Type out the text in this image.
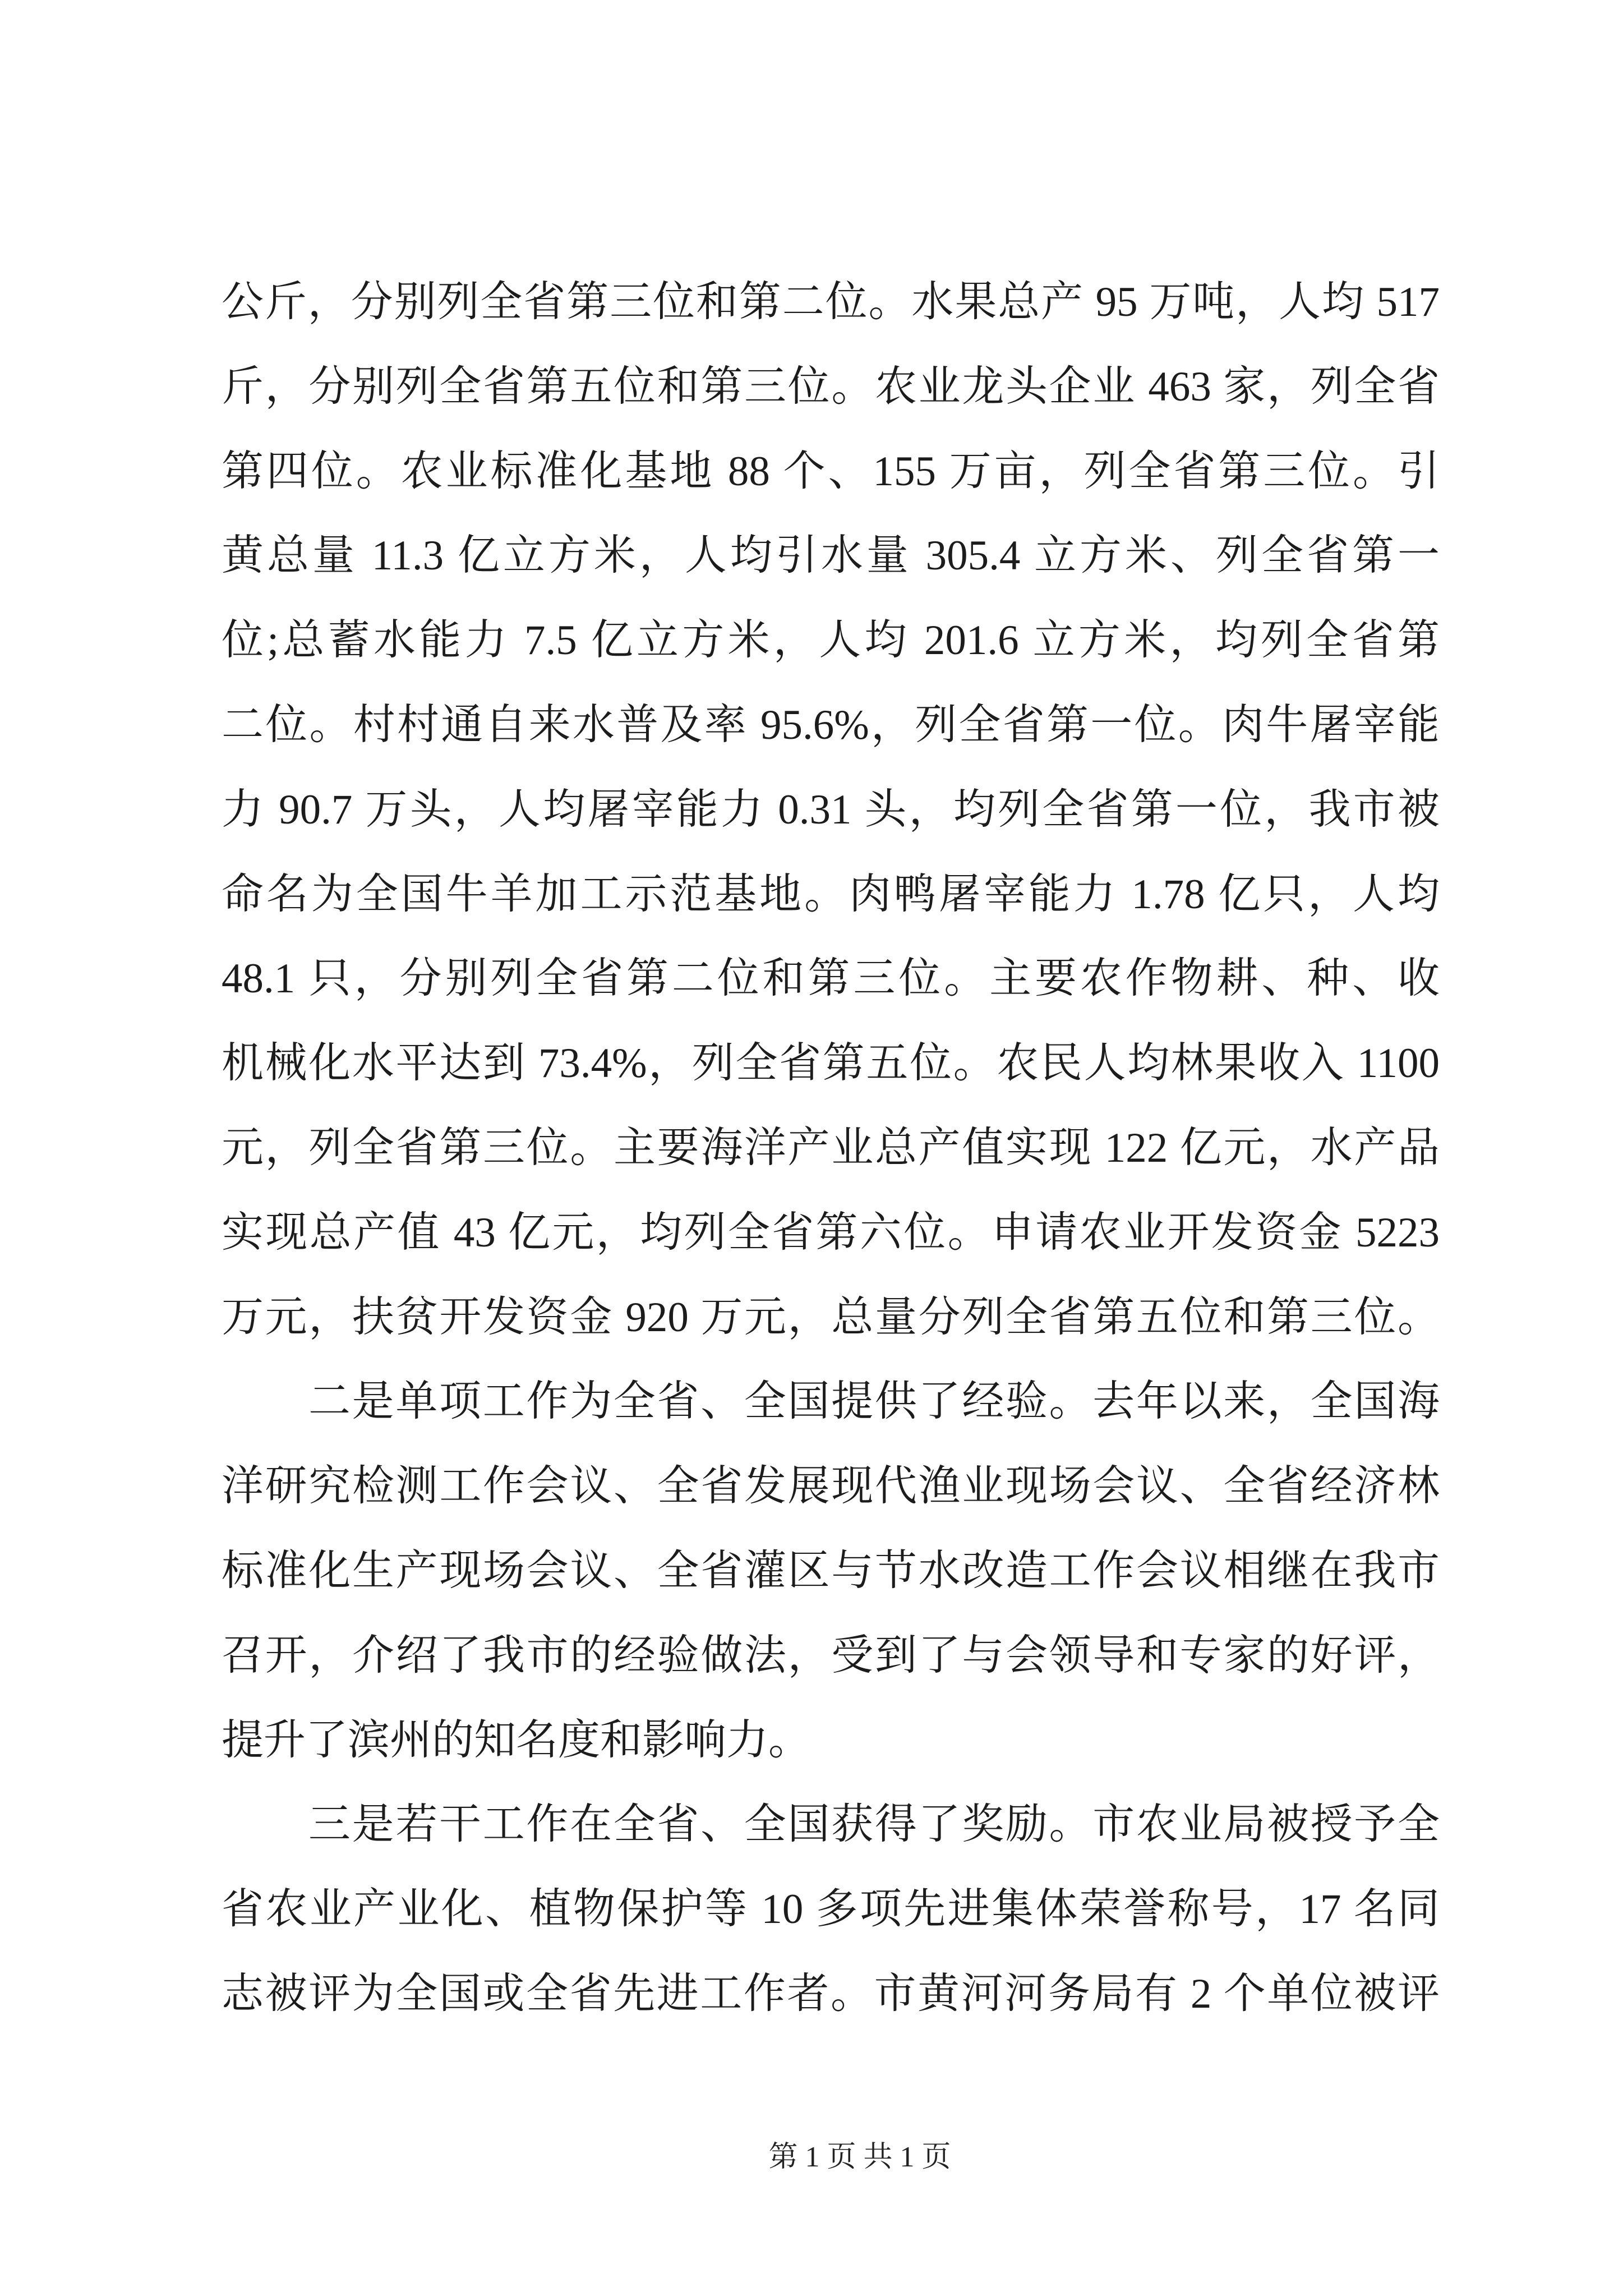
公斤，分别列全省第三位和第二位。水果总产 95 万吨，人均 517
斤，分别列全省第五位和第三位。农业龙头企业 463 家，列全省
第四位。农业标准化基地 88 个、155 万亩，列全省第三位。引
黄总量 11.3 亿立方米，人均引水量 305.4 立方米、列全省第一
位;总蓄水能力 7.5 亿立方米，人均 201.6 立方米，均列全省第
二位。村村通自来水普及率 95.6%，列全省第一位。肉牛屠宰能
力 90.7 万头，人均屠宰能力 0.31 头，均列全省第一位，我市被
命名为全国牛羊加工示范基地。肉鸭屠宰能力 1.78 亿只，人均
48.1 只，分别列全省第二位和第三位。主要农作物耕、种、收
机械化水平达到 73.4%，列全省第五位。农民人均林果收入 1100
元，列全省第三位。主要海洋产业总产值实现 122 亿元，水产品
实现总产值 43 亿元，均列全省第六位。申请农业开发资金 5223
万元，扶贫开发资金 920 万元，总量分列全省第五位和第三位。
二是单项工作为全省、全国提供了经验。去年以来，全国海
洋研究检测工作会议、全省发展现代渔业现场会议、全省经济林
标准化生产现场会议、全省灌区与节水改造工作会议相继在我市
召开，介绍了我市的经验做法，受到了与会领导和专家的好评，
提升了滨州的知名度和影响力。
三是若干工作在全省、全国获得了奖励。市农业局被授予全
省农业产业化、植物保护等 10 多项先进集体荣誉称号，17 名同
志被评为全国或全省先进工作者。市黄河河务局有 2 个单位被评
第 1 页 共 1 页
